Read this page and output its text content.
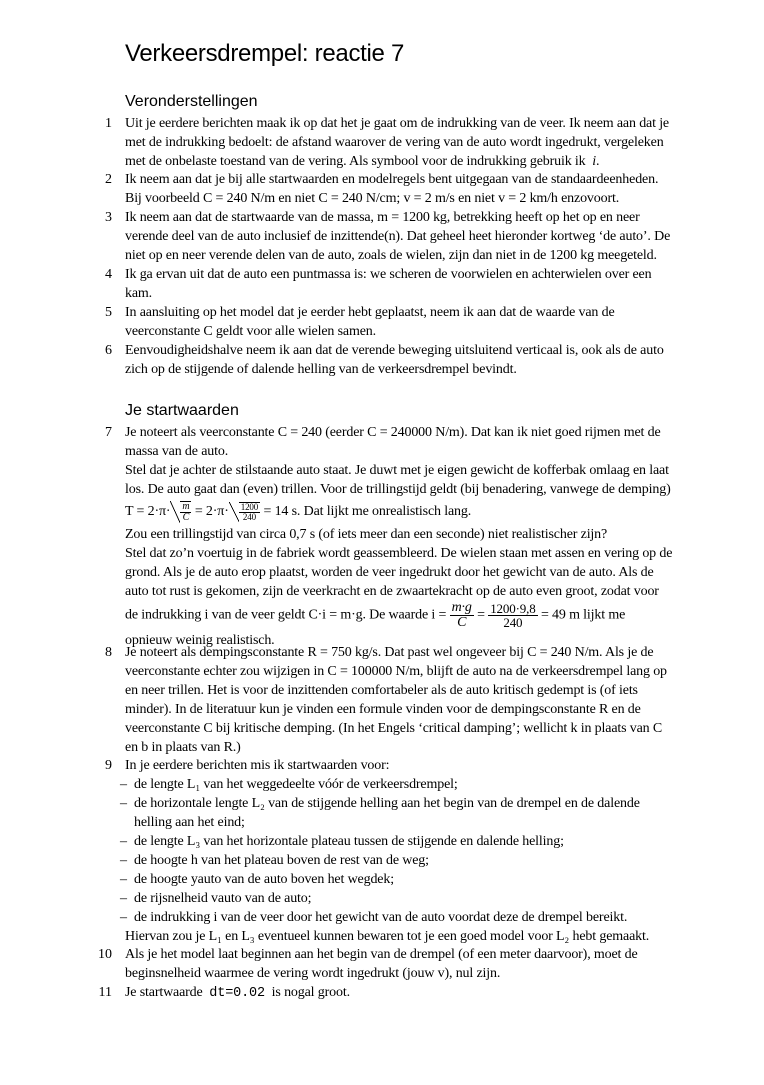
Verkeersdrempel: reactie 7
Veronderstellingen
1 Uit je eerdere berichten maak ik op dat het je gaat om de indrukking van de veer. Ik neem aan dat je
met de indrukking bedoelt: de afstand waarover de vering van de auto wordt ingedrukt, vergeleken
met de onbelaste toestand van de vering. Als symbool voor de indrukking gebruik ik i.
2 Ik neem aan dat je bij alle startwaarden en modelregels bent uitgegaan van de standaardeenheden.
Bij voorbeeld C = 240 N/m en niet C = 240 N/cm; v = 2 m/s en niet v = 2 km/h enzovoort.
3 Ik neem aan dat de startwaarde van de massa, m = 1200 kg, betrekking heeft op het op en neer
verende deel van de auto inclusief de inzittende(n). Dat geheel heet hieronder kortweg ‘de auto’. De
niet op en neer verende delen van de auto, zoals de wielen, zijn dan niet in de 1200 kg meegeteld.
4 Ik ga ervan uit dat de auto een puntmassa is: we scheren de voorwielen en achterwielen over een
kam.
5 In aansluiting op het model dat je eerder hebt geplaatst, neem ik aan dat de waarde van de
veerconstante C geldt voor alle wielen samen.
6 Eenvoudigheidshalve neem ik aan dat de verende beweging uitsluitend verticaal is, ook als de auto
zich op de stijgende of dalende helling van de verkeersdrempel bevindt.
Je startwaarden
7 Je noteert als veerconstante C = 240 (eerder C = 240000 N/m). Dat kan ik niet goed rijmen met de
massa van de auto.
Stel dat je achter de stilstaande auto staat. Je duwt met je eigen gewicht de kofferbak omlaag en laat
los. De auto gaat dan (even) trillen. Voor de trillingstijd geldt (bij benadering, vanwege de demping)
$T = 2\cdot\pi\cdot \frac{m}{C} = 2\cdot\pi\cdot \frac{1200}{240} = 14$ s. Dat lijkt me onrealistisch lang.
Zou een trillingstijd van circa 0,7 s (of iets meer dan een seconde) niet realistischer zijn?
Stel dat zo’n voertuig in de fabriek wordt geassembleerd. De wielen staan met assen en vering op de
grond. Als je de auto erop plaatst, worden de veer ingedrukt door het gewicht van de auto. Als de
auto tot rust is gekomen, zijn de veerkracht en de zwaartekracht op de auto even groot, zodat voor
de indrukking i van de veer geldt C·i = m·g. De waarde $i = \frac{m\cdot g}{C} = \frac{1200\cdot 9,8}{240} = 49$ m lijkt me
opnieuw weinig realistisch.
8 Je noteert als dempingsconstante R = 750 kg/s. Dat past wel ongeveer bij C = 240 N/m. Als je de
veerconstante echter zou wijzigen in C = 100000 N/m, blijft de auto na de verkeersdrempel lang op
en neer trillen. Het is voor de inzittenden comfortabeler als de auto kritisch gedempt is (of iets
minder). In de literatuur kun je vinden een formule vinden voor de dempingsconstante R en de
veerconstante C bij kritische demping. (In het Engels ‘critical damping’; wellicht k in plaats van C
en b in plaats van R.)
9 In je eerdere berichten mis ik startwaarden voor:
– de lengte L₁ van het weggedeelte vóór de verkeersdrempel;
– de horizontale lengte L₂ van de stijgende helling aan het begin van de drempel en de dalende
helling aan het eind;
– de lengte L₃ van het horizontale plateau tussen de stijgende en dalende helling;
– de hoogte h van het plateau boven de rest van de weg;
– de hoogte yauto van de auto boven het wegdek;
– de rijsnelheid vauto van de auto;
– de indrukking i van de veer door het gewicht van de auto voordat deze de drempel bereikt.
Hiervan zou je L₁ en L₃ eventueel kunnen bewaren tot je een goed model voor L₂ hebt gemaakt.
10 Als je het model laat beginnen aan het begin van de drempel (of een meter daarvoor), moet de
beginsnelheid waarmee de vering wordt ingedrukt (jouw v), nul zijn.
11 Je startwaarde  dt=0.02  is nogal groot.
